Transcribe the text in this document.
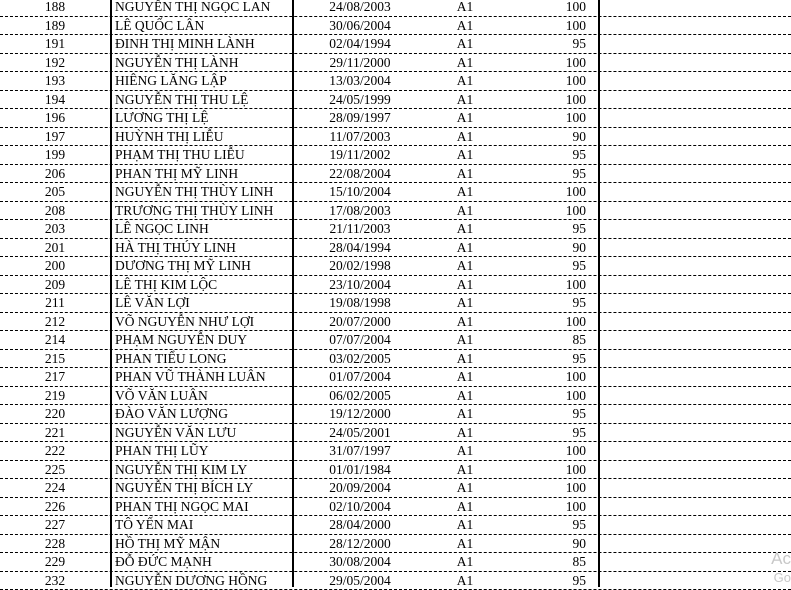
188	NGUYỄN THỊ NGỌC LAN	24/08/2003	A1	100
189	LÊ QUỐC LÂN	30/06/2004	A1	100
191	ĐINH THỊ MINH LÀNH	02/04/1994	A1	95
192	NGUYỄN THỊ LÀNH	29/11/2000	A1	100
193	HIÊNG LĂNG LẬP	13/03/2004	A1	100
194	NGUYỄN THỊ THU LỆ	24/05/1999	A1	100
196	LƯƠNG THỊ LỆ	28/09/1997	A1	100
197	HUỲNH THỊ LIỄU	11/07/2003	A1	90
199	PHẠM THỊ THU LIỄU	19/11/2002	A1	95
206	PHAN THỊ MỸ LINH	22/08/2004	A1	95
205	NGUYỄN THỊ THÙY LINH	15/10/2004	A1	100
208	TRƯƠNG THỊ THÙY LINH	17/08/2003	A1	100
203	LÊ NGỌC LINH	21/11/2003	A1	95
201	HÀ THỊ THÚY LINH	28/04/1994	A1	90
200	DƯƠNG THỊ MỸ LINH	20/02/1998	A1	95
209	LÊ THỊ KIM LỘC	23/10/2004	A1	100
211	LÊ VĂN LỢI	19/08/1998	A1	95
212	VÕ NGUYỄN NHƯ LỢI	20/07/2000	A1	100
214	PHẠM NGUYỄN DUY	07/07/2004	A1	85
215	PHAN TIỂU LONG	03/02/2005	A1	95
217	PHAN VŨ THÀNH LUÂN	01/07/2004	A1	100
219	VÕ VĂN LUÂN	06/02/2005	A1	100
220	ĐÀO VĂN LƯỢNG	19/12/2000	A1	95
221	NGUYỄN VĂN LƯU	24/05/2001	A1	95
222	PHAN THỊ LŨY	31/07/1997	A1	100
225	NGUYỄN THỊ KIM LY	01/01/1984	A1	100
224	NGUYỄN THỊ BÍCH LY	20/09/2004	A1	100
226	PHAN THỊ NGỌC MAI	02/10/2004	A1	100
227	TÔ YẾN MAI	28/04/2000	A1	95
228	HỒ THỊ MỸ MẬN	28/12/2000	A1	90
229	ĐỖ ĐỨC MẠNH	30/08/2004	A1	85
232	NGUYỄN DƯƠNG HỒNG	29/05/2004	A1	95
Ac
Go
